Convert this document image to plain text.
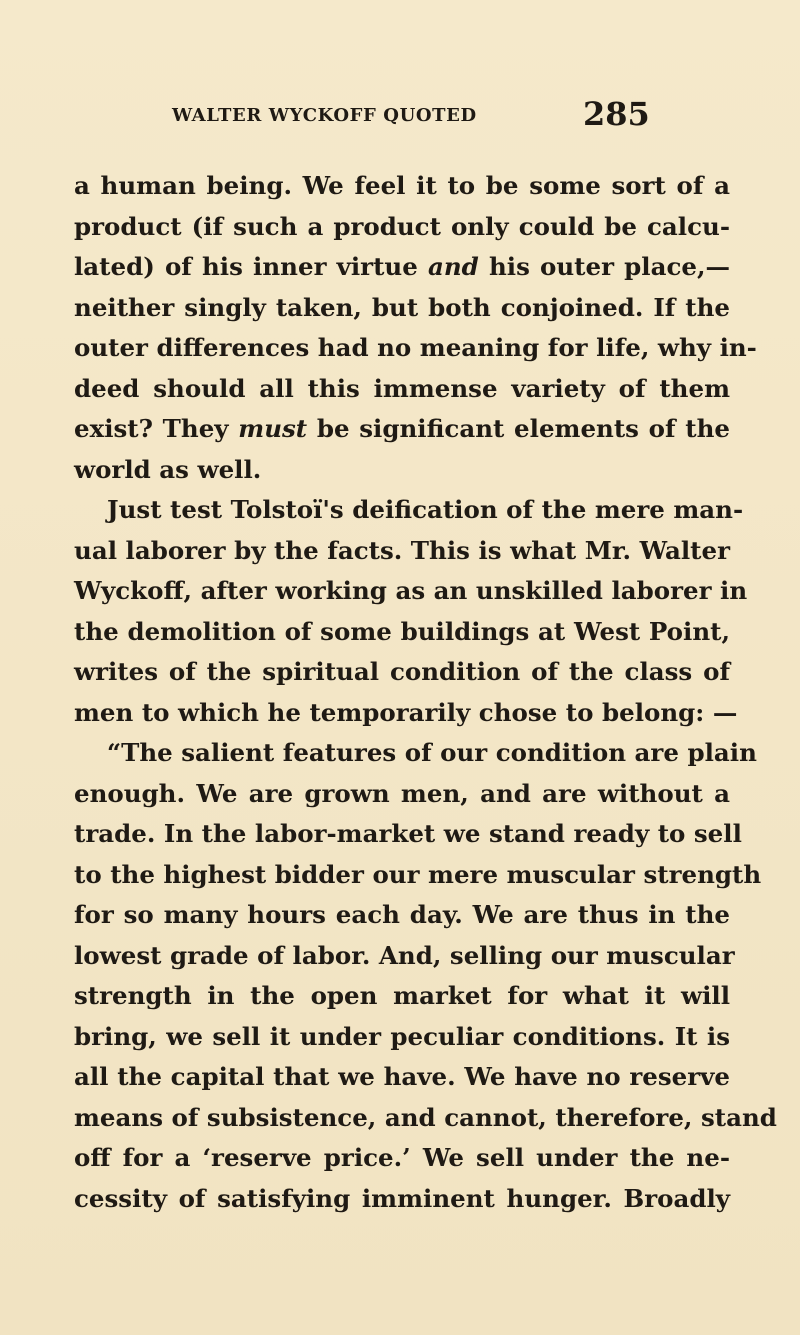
WALTER WYCKOFF QUOTED	285
a human being. We feel it to be some sort of a
product (if such a product only could be calcu-
lated) of his inner virtue and his outer place,—
neither singly taken, but both conjoined. If the
outer differences had no meaning for life, why in-
deed should all this immense variety of them
exist? They must be significant elements of the
world as well.
Just test Tolstoï's deification of the mere man-
ual laborer by the facts. This is what Mr. Walter
Wyckoff, after working as an unskilled laborer in
the demolition of some buildings at West Point,
writes of the spiritual condition of the class of
men to which he temporarily chose to belong: —
“The salient features of our condition are plain
enough. We are grown men, and are without a
trade. In the labor-market we stand ready to sell
to the highest bidder our mere muscular strength
for so many hours each day. We are thus in the
lowest grade of labor. And, selling our muscular
strength in the open market for what it will
bring, we sell it under peculiar conditions. It is
all the capital that we have. We have no reserve
means of subsistence, and cannot, therefore, stand
off for a ‘reserve price.’ We sell under the ne-
cessity of satisfying imminent hunger. Broadly
